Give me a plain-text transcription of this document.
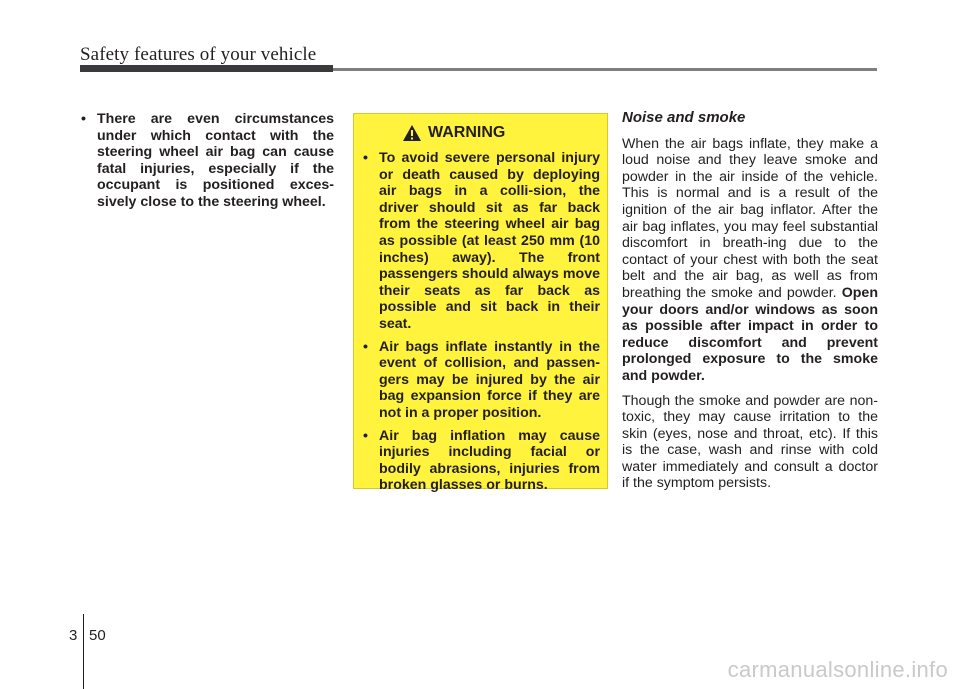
Safety features of your vehicle
• There are even circumstances under which contact with the steering wheel air bag can cause fatal injuries, especially if the occupant is positioned exces-sively close to the steering wheel.
WARNING
• To avoid severe personal injury or death caused by deploying air bags in a colli-sion, the driver should sit as far back from the steering wheel air bag as possible (at least 250 mm (10 inches) away). The front passengers should always move their seats as far back as possible and sit back in their seat.
• Air bags inflate instantly in the event of collision, and passen-gers may be injured by the air bag expansion force if they are not in a proper position.
• Air bag inflation may cause injuries including facial or bodily abrasions, injuries from broken glasses or burns.
Noise and smoke

When the air bags inflate, they make a loud noise and they leave smoke and powder in the air inside of the vehicle. This is normal and is a result of the ignition of the air bag inflator. After the air bag inflates, you may feel substantial discomfort in breath-ing due to the contact of your chest with both the seat belt and the air bag, as well as from breathing the smoke and powder. Open your doors and/or windows as soon as possible after impact in order to reduce discomfort and prevent prolonged exposure to the smoke and powder.

Though the smoke and powder are non-toxic, they may cause irritation to the skin (eyes, nose and throat, etc). If this is the case, wash and rinse with cold water immediately and consult a doctor if the symptom persists.

3 50
carmanualsonline.info
